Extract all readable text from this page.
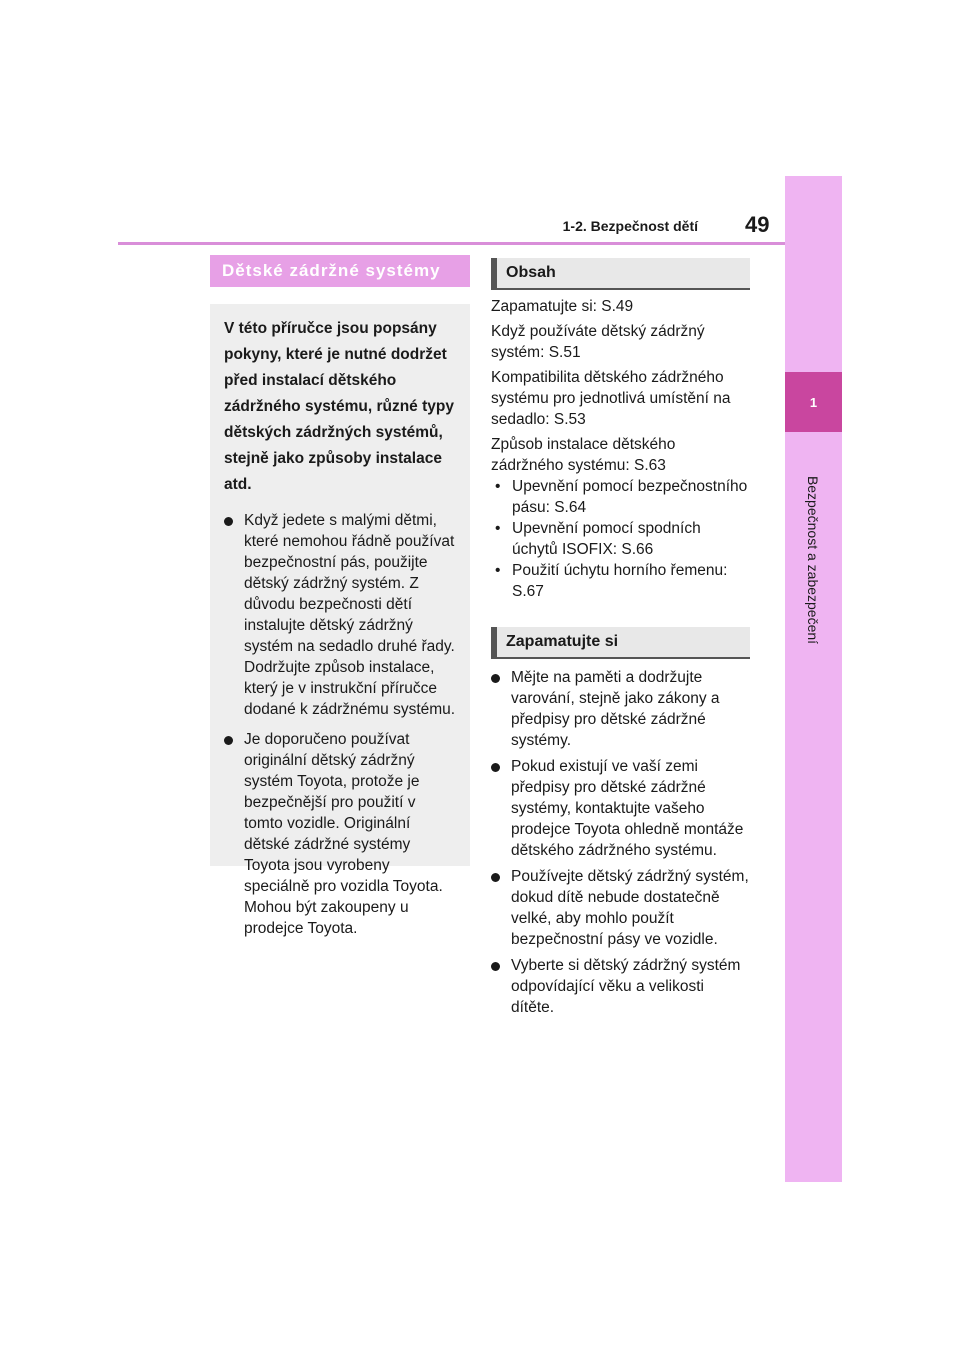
1
Bezpečnost a zabezpečení
1-2. Bezpečnost dětí 49
Dětské zádržné systémy

V této příručce jsou popsány pokyny, které je nutné dodržet před instalací dětského zádržného systému, různé typy dětských zádržných systémů, stejně jako způsoby instalace atd.

Když jedete s malými dětmi, které nemohou řádně používat bezpečnostní pás, použijte dětský zádržný systém. Z důvodu bezpečnosti dětí instalujte dětský zádržný systém na sedadlo druhé řady. Dodržujte způsob instalace, který je v instrukční příručce dodané k zádržnému systému.
Je doporučeno používat originální dětský zádržný systém Toyota, protože je bezpečnější pro použití v tomto vozidle. Originální dětské zádržné systémy Toyota jsou vyrobeny speciálně pro vozidla Toyota. Mohou být zakoupeny u prodejce Toyota.
Obsah

Zapamatujte si: S.49

Když používáte dětský zádržný systém: S.51

Kompatibilita dětského zádržného systému pro jednotlivá umístění na sedadlo: S.53

Způsob instalace dětského zádržného systému: S.63

• Upevnění pomocí bezpečnostního pásu: S.64
• Upevnění pomocí spodních úchytů ISOFIX: S.66
• Použití úchytu horního řemenu: S.67
Zapamatujte si
Mějte na paměti a dodržujte varování, stejně jako zákony a předpisy pro dětské zádržné systémy.
Pokud existují ve vaší zemi předpisy pro dětské zádržné systémy, kontaktujte vašeho prodejce Toyota ohledně montáže dětského zádržného systému.
Používejte dětský zádržný systém, dokud dítě nebude dostatečně velké, aby mohlo použít bezpečnostní pásy ve vozidle.
Vyberte si dětský zádržný systém odpovídající věku a velikosti dítěte.
